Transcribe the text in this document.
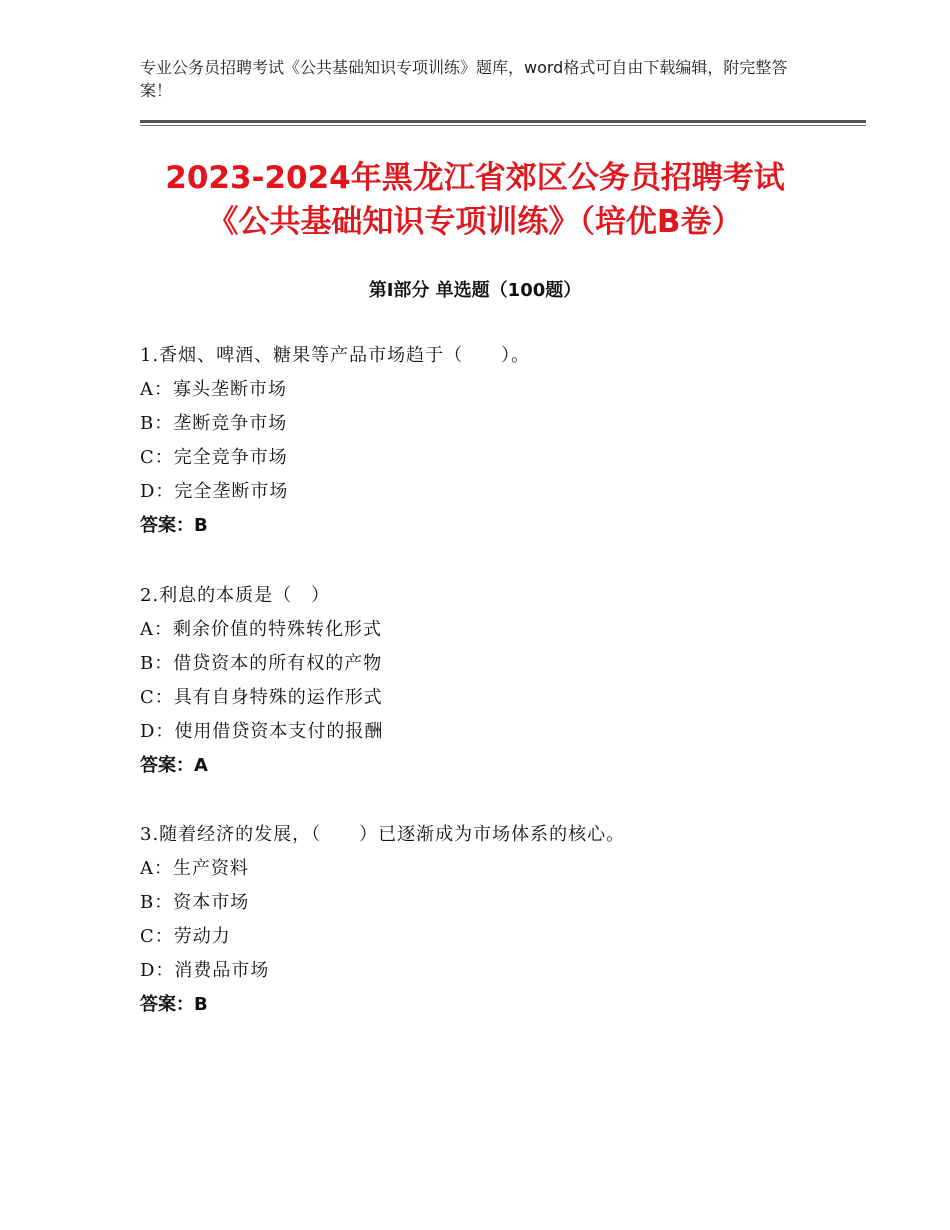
专业公务员招聘考试《公共基础知识专项训练》题库，word格式可自由下载编辑，附完整答案！
2023-2024年黑龙江省郊区公务员招聘考试
《公共基础知识专项训练》（培优B卷）
第Ⅰ部分 单选题（100题）
1.香烟、啤酒、糖果等产品市场趋于（　　）。
A：寡头垄断市场
B：垄断竞争市场
C：完全竞争市场
D：完全垄断市场
答案：B
2.利息的本质是（　）
A：剩余价值的特殊转化形式
B：借贷资本的所有权的产物
C：具有自身特殊的运作形式
D：使用借贷资本支付的报酬
答案：A
3.随着经济的发展，（　　）已逐渐成为市场体系的核心。
A：生产资料
B：资本市场
C：劳动力
D：消费品市场
答案：B
